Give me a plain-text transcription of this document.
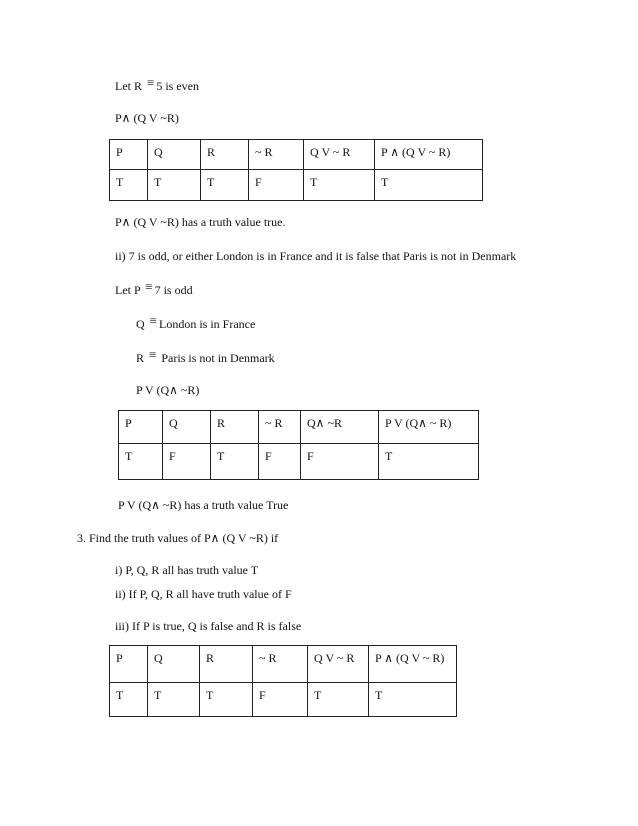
Let R ≡ 5 is even
P∧ (Q V ~R)
P	Q	R	~ R	Q V ~ R	P ∧ (Q V ~ R)
T	T	T	F	T	T
P∧ (Q V ~R) has a truth value true.
ii) 7 is odd, or either London is in France and it is false that Paris is not in Denmark
Let P ≡ 7 is odd
Q ≡ London is in France
R ≡ Paris is not in Denmark
P V (Q∧ ~R)
P	Q	R	~ R	Q∧ ~R	P V (Q∧ ~ R)
T	F	T	F	F	T
P V (Q∧ ~R) has a truth value True
3. Find the truth values of P∧ (Q V ~R) if
i) P, Q, R all has truth value T
ii) If P, Q, R all have truth value of F
iii) If P is true, Q is false and R is false
P	Q	R	~ R	Q V ~ R	P ∧ (Q V ~ R)
T	T	T	F	T	T
